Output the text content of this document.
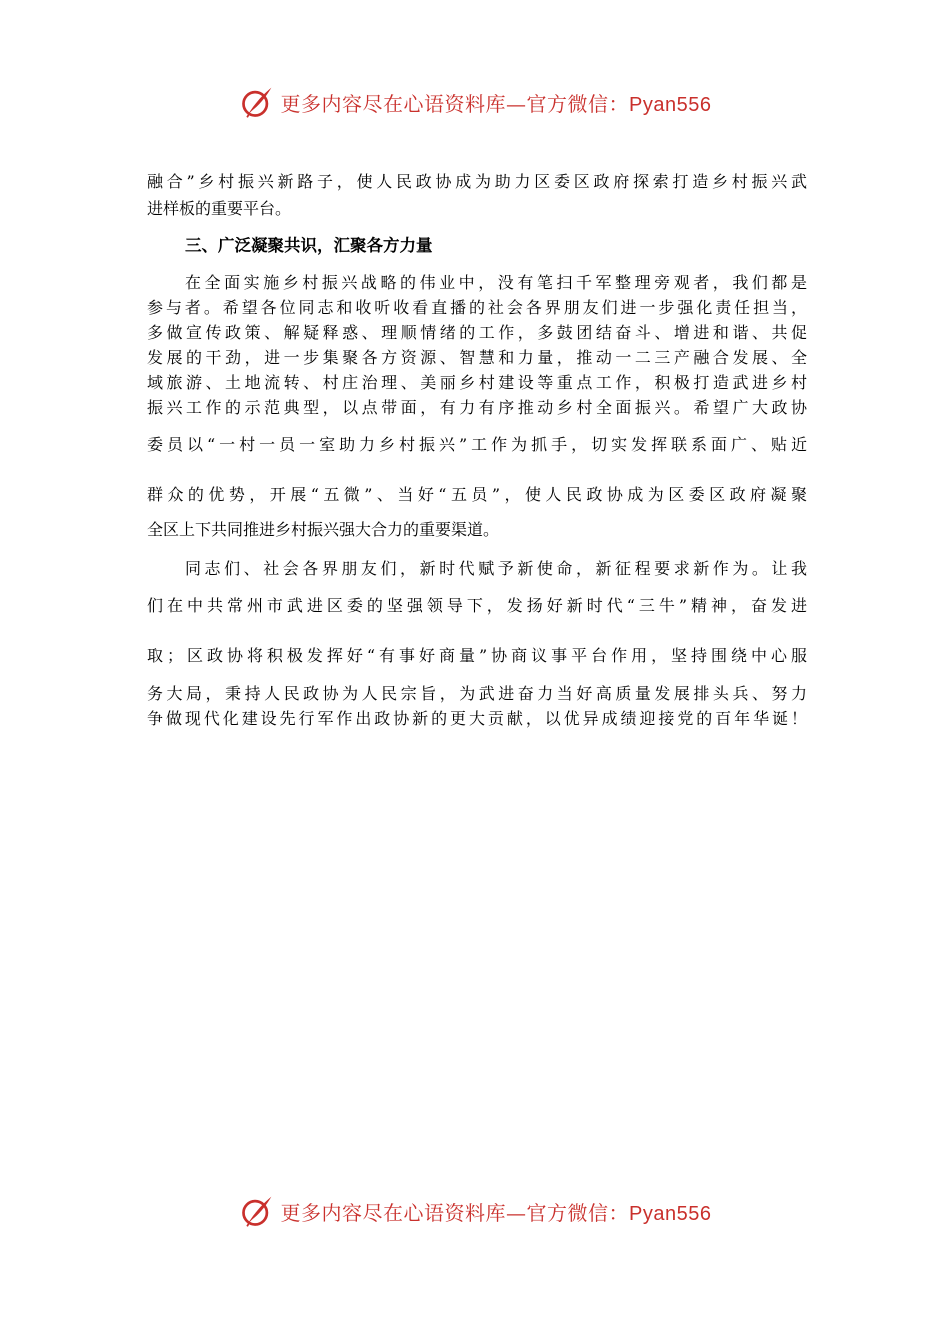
更多内容尽在心语资料库—官方微信：Pyan556
融合”乡村振兴新路子，使人民政协成为助力区委区政府探索打造乡村振兴武
进样板的重要平台。
三、广泛凝聚共识，汇聚各方力量
在全面实施乡村振兴战略的伟业中，没有笔扫千军整理旁观者，我们都是
参与者。希望各位同志和收听收看直播的社会各界朋友们进一步强化责任担当，
多做宣传政策、解疑释惑、理顺情绪的工作，多鼓团结奋斗、增进和谐、共促
发展的干劲，进一步集聚各方资源、智慧和力量，推动一二三产融合发展、全
域旅游、土地流转、村庄治理、美丽乡村建设等重点工作，积极打造武进乡村
振兴工作的示范典型，以点带面，有力有序推动乡村全面振兴。希望广大政协
委员以“一村一员一室助力乡村振兴”工作为抓手，切实发挥联系面广、贴近
群众的优势，开展“五微”、当好“五员”，使人民政协成为区委区政府凝聚
全区上下共同推进乡村振兴强大合力的重要渠道。
同志们、社会各界朋友们，新时代赋予新使命，新征程要求新作为。让我
们在中共常州市武进区委的坚强领导下，发扬好新时代“三牛”精神，奋发进
取；区政协将积极发挥好“有事好商量”协商议事平台作用，坚持围绕中心服
务大局，秉持人民政协为人民宗旨，为武进奋力当好高质量发展排头兵、努力
争做现代化建设先行军作出政协新的更大贡献，以优异成绩迎接党的百年华诞！
更多内容尽在心语资料库—官方微信：Pyan556
